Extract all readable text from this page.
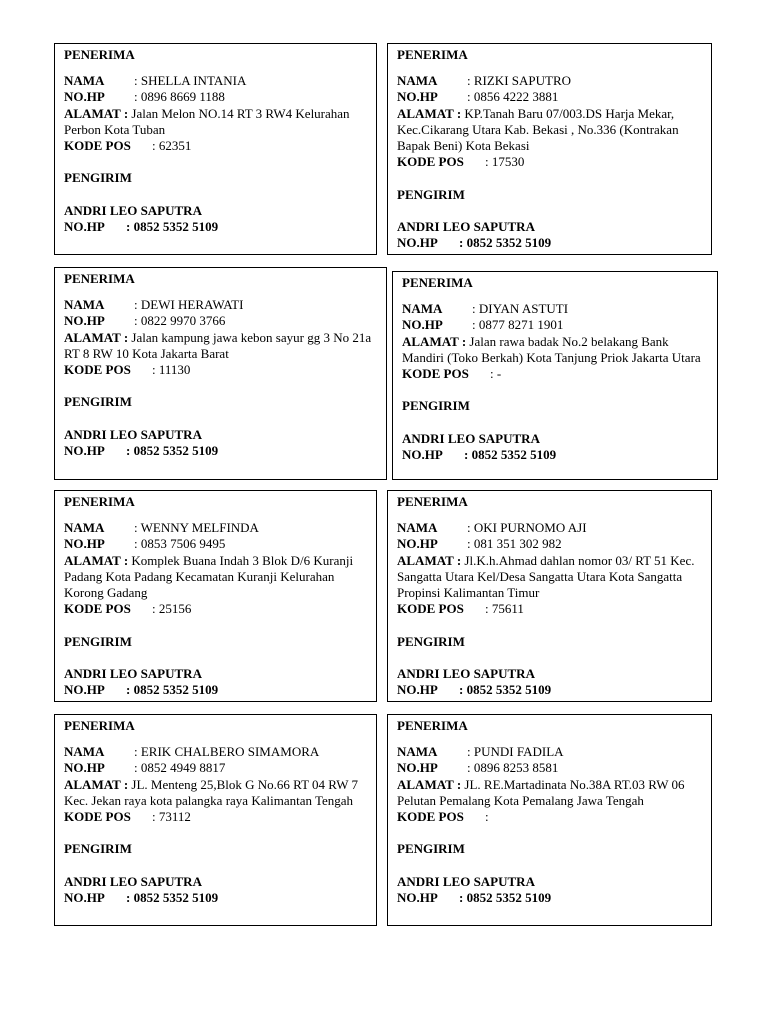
PENERIMA

NAMA : SHELLA INTANIA

NO.HP : 0896 8669 1188

ALAMAT : Jalan Melon NO.14 RT 3 RW4 Kelurahan Perbon Kota Tuban

KODE POS : 62351

PENGIRIM

ANDRI LEO SAPUTRA

NO.HP : 0852 5352 5109

PENERIMA

NAMA : RIZKI SAPUTRO

NO.HP : 0856 4222 3881

ALAMAT : KP.Tanah Baru 07/003.DS Harja Mekar, Kec.Cikarang Utara Kab. Bekasi , No.336 (Kontrakan Bapak Beni) Kota Bekasi

KODE POS : 17530

PENGIRIM

ANDRI LEO SAPUTRA

NO.HP : 0852 5352 5109

PENERIMA

NAMA : DEWI HERAWATI

NO.HP : 0822 9970 3766

ALAMAT : Jalan kampung jawa kebon sayur gg 3 No 21a RT 8 RW 10 Kota Jakarta Barat

KODE POS : 11130

PENGIRIM

ANDRI LEO SAPUTRA

NO.HP : 0852 5352 5109

PENERIMA

NAMA : DIYAN ASTUTI

NO.HP : 0877 8271 1901

ALAMAT : Jalan rawa badak No.2 belakang Bank Mandiri (Toko Berkah) Kota Tanjung Priok Jakarta Utara

KODE POS : -

PENGIRIM

ANDRI LEO SAPUTRA

NO.HP : 0852 5352 5109

PENERIMA

NAMA : WENNY MELFINDA

NO.HP : 0853 7506 9495

ALAMAT : Komplek Buana Indah 3 Blok D/6 Kuranji Padang Kota Padang Kecamatan Kuranji Kelurahan Korong Gadang

KODE POS : 25156

PENGIRIM

ANDRI LEO SAPUTRA

NO.HP : 0852 5352 5109

PENERIMA

NAMA : OKI PURNOMO AJI

NO.HP : 081 351 302 982

ALAMAT : Jl.K.h.Ahmad dahlan nomor 03/ RT 51 Kec. Sangatta Utara Kel/Desa Sangatta Utara Kota Sangatta Propinsi Kalimantan Timur

KODE POS : 75611

PENGIRIM

ANDRI LEO SAPUTRA

NO.HP : 0852 5352 5109

PENERIMA

NAMA : ERIK CHALBERO SIMAMORA

NO.HP : 0852 4949 8817

ALAMAT : JL. Menteng 25,Blok G No.66 RT 04 RW 7 Kec. Jekan raya kota palangka raya Kalimantan Tengah

KODE POS : 73112

PENGIRIM

ANDRI LEO SAPUTRA

NO.HP : 0852 5352 5109

PENERIMA

NAMA : PUNDI FADILA

NO.HP : 0896 8253 8581

ALAMAT : JL. RE.Martadinata No.38A RT.03 RW 06 Pelutan Pemalang Kota Pemalang Jawa Tengah

KODE POS :

PENGIRIM

ANDRI LEO SAPUTRA

NO.HP : 0852 5352 5109
